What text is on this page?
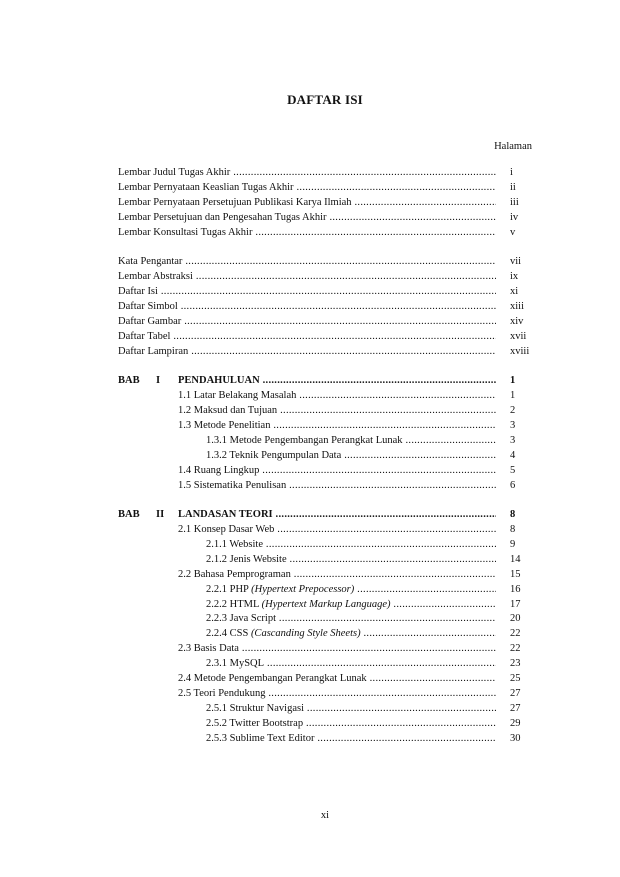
DAFTAR ISI
Halaman
Lembar Judul Tugas Akhir .....	i
Lembar Pernyataan Keaslian Tugas Akhir .....	ii
Lembar Pernyataan Persetujuan Publikasi Karya Ilmiah .....	iii
Lembar Persetujuan dan Pengesahan Tugas Akhir .....	iv
Lembar Konsultasi Tugas Akhir .....	v
Kata Pengantar .....	vii
Lembar Abstraksi .....	ix
Daftar Isi .....	xi
Daftar Simbol .....	xiii
Daftar Gambar .....	xiv
Daftar Tabel .....	xvii
Daftar Lampiran .....	xviii
BAB I PENDAHULUAN .....	1
1.1 Latar Belakang Masalah .....	1
1.2 Maksud dan Tujuan .....	2
1.3 Metode Penelitian .....	3
1.3.1 Metode Pengembangan Perangkat Lunak .....	3
1.3.2 Teknik Pengumpulan Data .....	4
1.4 Ruang Lingkup .....	5
1.5 Sistematika Penulisan .....	6
BAB II LANDASAN TEORI .....	8
2.1 Konsep Dasar Web .....	8
2.1.1 Website .....	9
2.1.2 Jenis Website .....	14
2.2 Bahasa Pemprograman .....	15
2.2.1 PHP (Hypertext Prepocessor) .....	16
2.2.2 HTML (Hypertext Markup Language) .....	17
2.2.3 Java Script .....	20
2.2.4 CSS (Cascanding Style Sheets) .....	22
2.3 Basis Data .....	22
2.3.1 MySQL .....	23
2.4 Metode Pengembangan Perangkat Lunak .....	25
2.5 Teori Pendukung .....	27
2.5.1 Struktur Navigasi .....	27
2.5.2 Twitter Bootstrap .....	29
2.5.3 Sublime Text Editor .....	30
xi
